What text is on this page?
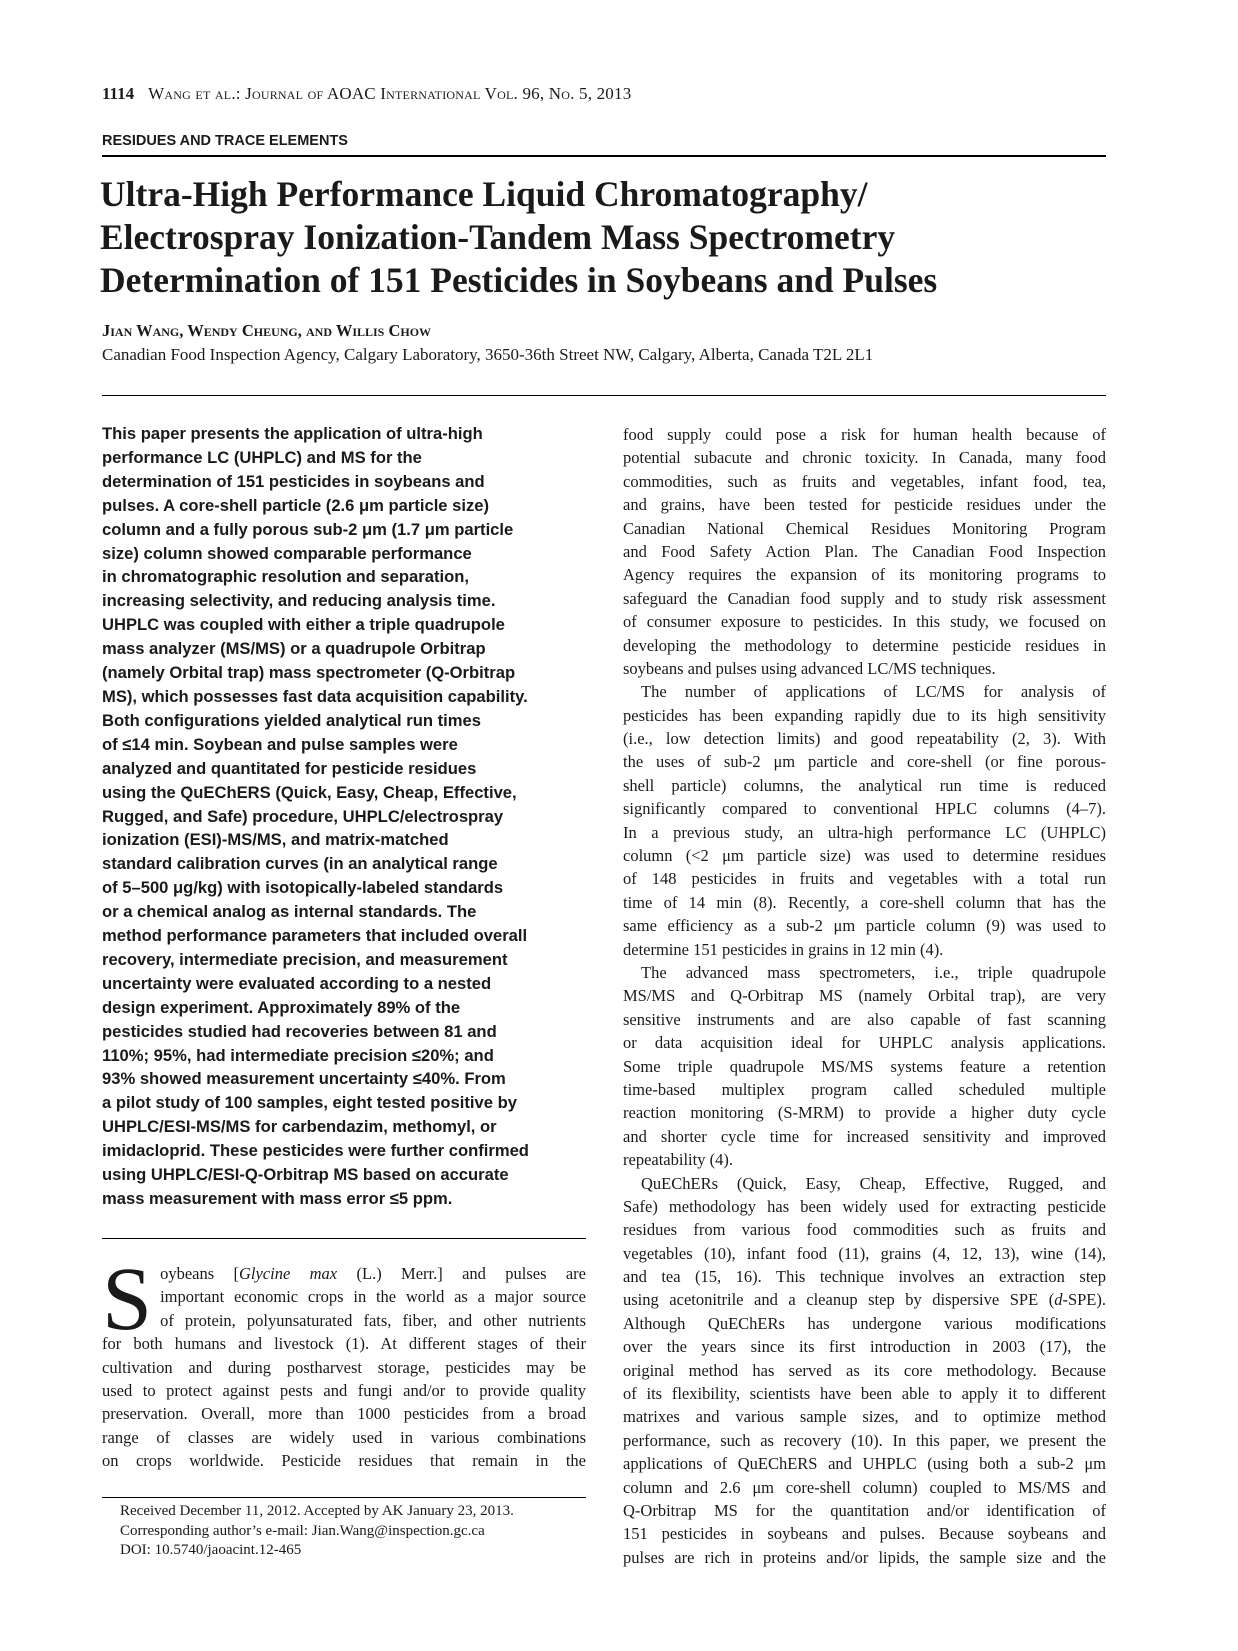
1114 Wang et al.: Journal of AOAC International Vol. 96, No. 5, 2013
RESIDUES AND TRACE ELEMENTS
Ultra-High Performance Liquid Chromatography/
Electrospray Ionization-Tandem Mass Spectrometry
Determination of 151 Pesticides in Soybeans and Pulses
Jian Wang, Wendy Cheung, and Willis Chow
Canadian Food Inspection Agency, Calgary Laboratory, 3650-36th Street NW, Calgary, Alberta, Canada T2L 2L1
This paper presents the application of ultra-high
performance LC (UHPLC) and MS for the
determination of 151 pesticides in soybeans and
pulses. A core-shell particle (2.6 μm particle size)
column and a fully porous sub-2 μm (1.7 μm particle
size) column showed comparable performance
in chromatographic resolution and separation,
increasing selectivity, and reducing analysis time.
UHPLC was coupled with either a triple quadrupole
mass analyzer (MS/MS) or a quadrupole Orbitrap
(namely Orbital trap) mass spectrometer (Q-Orbitrap
MS), which possesses fast data acquisition capability.
Both configurations yielded analytical run times
of ≤14 min. Soybean and pulse samples were
analyzed and quantitated for pesticide residues
using the QuEChERS (Quick, Easy, Cheap, Effective,
Rugged, and Safe) procedure, UHPLC/electrospray
ionization (ESI)-MS/MS, and matrix-matched
standard calibration curves (in an analytical range
of 5–500 μg/kg) with isotopically-labeled standards
or a chemical analog as internal standards. The
method performance parameters that included overall
recovery, intermediate precision, and measurement
uncertainty were evaluated according to a nested
design experiment. Approximately 89% of the
pesticides studied had recoveries between 81 and
110%; 95%, had intermediate precision ≤20%; and
93% showed measurement uncertainty ≤40%. From
a pilot study of 100 samples, eight tested positive by
UHPLC/ESI-MS/MS for carbendazim, methomyl, or
imidacloprid. These pesticides were further confirmed
using UHPLC/ESI-Q-Orbitrap MS based on accurate
mass measurement with mass error ≤5 ppm.
S oybeans [Glycine max (L.) Merr.] and pulses are
important economic crops in the world as a major source
of protein, polyunsaturated fats, fiber, and other nutrients
for both humans and livestock (1). At different stages of their
cultivation and during postharvest storage, pesticides may be
used to protect against pests and fungi and/or to provide quality
preservation. Overall, more than 1000 pesticides from a broad
range of classes are widely used in various combinations
on crops worldwide. Pesticide residues that remain in the
Received December 11, 2012. Accepted by AK January 23, 2013.
Corresponding author’s e-mail: Jian.Wang@inspection.gc.ca
DOI: 10.5740/jaoacint.12-465
food supply could pose a risk for human health because of
potential subacute and chronic toxicity. In Canada, many food
commodities, such as fruits and vegetables, infant food, tea,
and grains, have been tested for pesticide residues under the
Canadian National Chemical Residues Monitoring Program
and Food Safety Action Plan. The Canadian Food Inspection
Agency requires the expansion of its monitoring programs to
safeguard the Canadian food supply and to study risk assessment
of consumer exposure to pesticides. In this study, we focused on
developing the methodology to determine pesticide residues in
soybeans and pulses using advanced LC/MS techniques.
The number of applications of LC/MS for analysis of
pesticides has been expanding rapidly due to its high sensitivity
(i.e., low detection limits) and good repeatability (2, 3). With
the uses of sub-2 μm particle and core-shell (or fine porous-
shell particle) columns, the analytical run time is reduced
significantly compared to conventional HPLC columns (4–7).
In a previous study, an ultra-high performance LC (UHPLC)
column (<2 μm particle size) was used to determine residues
of 148 pesticides in fruits and vegetables with a total run
time of 14 min (8). Recently, a core-shell column that has the
same efficiency as a sub-2 μm particle column (9) was used to
determine 151 pesticides in grains in 12 min (4).
The advanced mass spectrometers, i.e., triple quadrupole
MS/MS and Q-Orbitrap MS (namely Orbital trap), are very
sensitive instruments and are also capable of fast scanning
or data acquisition ideal for UHPLC analysis applications.
Some triple quadrupole MS/MS systems feature a retention
time-based multiplex program called scheduled multiple
reaction monitoring (S-MRM) to provide a higher duty cycle
and shorter cycle time for increased sensitivity and improved
repeatability (4).
QuEChERs (Quick, Easy, Cheap, Effective, Rugged, and
Safe) methodology has been widely used for extracting pesticide
residues from various food commodities such as fruits and
vegetables (10), infant food (11), grains (4, 12, 13), wine (14),
and tea (15, 16). This technique involves an extraction step
using acetonitrile and a cleanup step by dispersive SPE (d-SPE).
Although QuEChERs has undergone various modifications
over the years since its first introduction in 2003 (17), the
original method has served as its core methodology. Because
of its flexibility, scientists have been able to apply it to different
matrixes and various sample sizes, and to optimize method
performance, such as recovery (10). In this paper, we present the
applications of QuEChERS and UHPLC (using both a sub-2 μm
column and 2.6 μm core-shell column) coupled to MS/MS and
Q-Orbitrap MS for the quantitation and/or identification of
151 pesticides in soybeans and pulses. Because soybeans and
pulses are rich in proteins and/or lipids, the sample size and the
